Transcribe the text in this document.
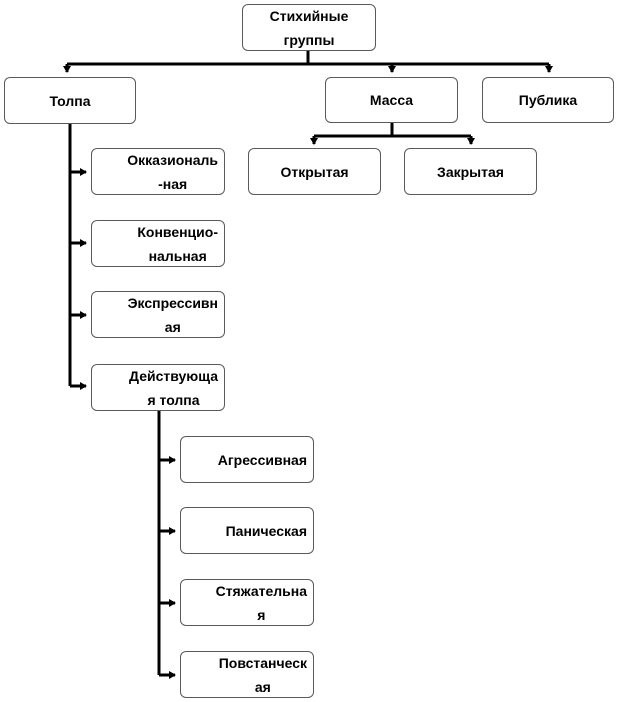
Стихийные
группы
Толпа	Масса	Публика
Открытая	Закрытая
Окказиональ
-ная
Конвенцио-
нальная
Экспрессивн
ая
Действующа
я толпа
Агрессивная
Паническая
Стяжательна
я
Повстанческ
ая
